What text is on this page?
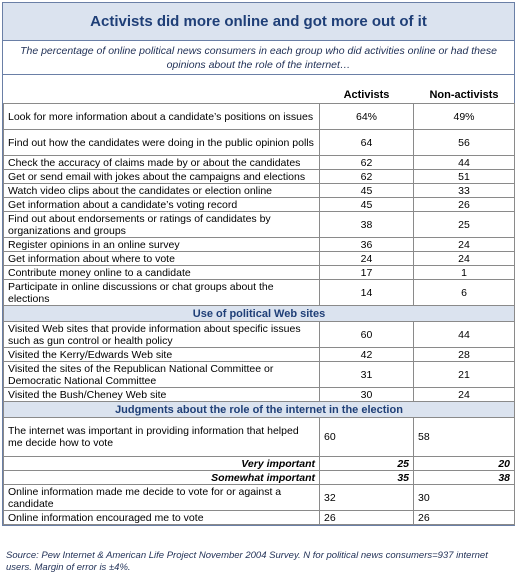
Activists did more online and got more out of it
The percentage of online political news consumers in each group who did activities online or had these opinions about the role of the internet…
	Activists	Non-activists
Look for more information about a candidate’s positions on issues	64%	49%
Find out how the candidates were doing in the public opinion polls	64	56
Check the accuracy of claims made by or about the candidates	62	44
Get or send email with jokes about the campaigns and elections	62	51
Watch video clips about the candidates or election online	45	33
Get information about a candidate’s voting record	45	26
Find out about endorsements or ratings of candidates by organizations and groups	38	25
Register opinions in an online survey	36	24
Get information about where to vote	24	24
Contribute money online to a candidate	17	1
Participate in online discussions or chat groups about the elections	14	6
Use of political Web sites		
Visited Web sites that provide information about specific issues such as gun control or health policy	60	44
Visited the Kerry/Edwards Web site	42	28
Visited the sites of the Republican National Committee or Democratic National Committee	31	21
Visited the Bush/Cheney Web site	30	24
Judgments about the role of the internet in the election		
The internet was important in providing information that helped me decide how to vote	60	58
Very important	25	20
Somewhat important	35	38
Online information made me decide to vote for or against a candidate	32	30
Online information encouraged me to vote	26	26
Source: Pew Internet & American Life Project November 2004 Survey. N for political news consumers=937 internet users. Margin of error is ±4%.
